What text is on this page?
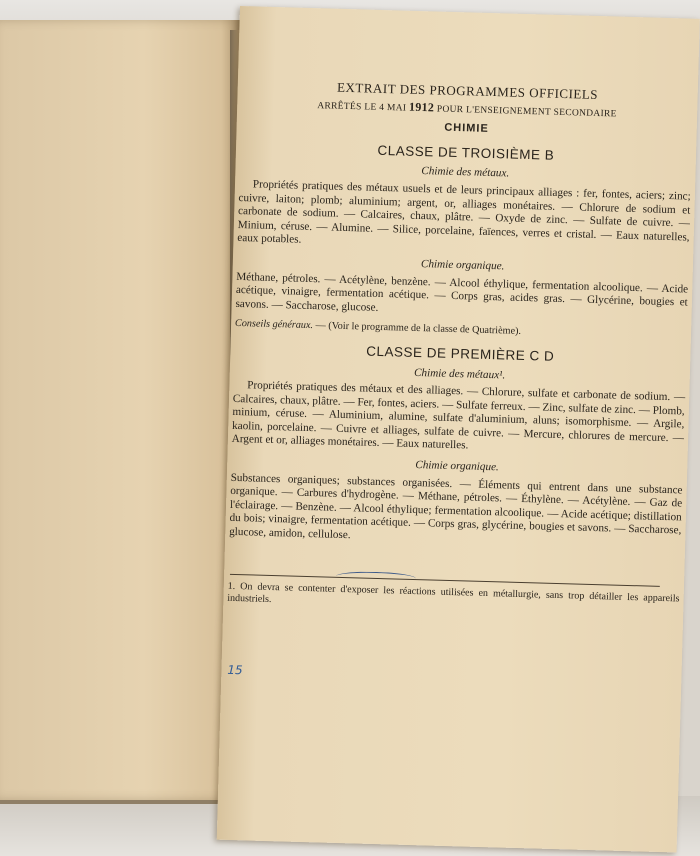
EXTRAIT DES PROGRAMMES OFFICIELS
ARRÊTÉS LE 4 MAI 1912 POUR L'ENSEIGNEMENT SECONDAIRE
CHIMIE
CLASSE DE TROISIÈME B
Chimie des métaux.

Propriétés pratiques des métaux usuels et de leurs principaux alliages : fer, fontes, aciers; zinc; cuivre, laiton; plomb; aluminium; argent, or, alliages monétaires. — Chlorure de sodium et carbonate de sodium. — Calcaires, chaux, plâtre. — Oxyde de zinc. — Sulfate de cuivre. — Minium, céruse. — Alumine. — Silice, porcelaine, faïences, verres et cristal. — Eaux naturelles, eaux potables.

Chimie organique.

Méthane, pétroles. — Acétylène, benzène. — Alcool éthylique, fermentation alcoolique. — Acide acétique, vinaigre, fermentation acétique. — Corps gras, acides gras. — Glycérine, bougies et savons. — Saccharose, glucose.

Conseils généraux. — (Voir le programme de la classe de Quatrième).
CLASSE DE PREMIÈRE C D
Chimie des métaux¹.

Propriétés pratiques des métaux et des alliages. — Chlorure, sulfate et carbonate de sodium. — Calcaires, chaux, plâtre. — Fer, fontes, aciers. — Sulfate ferreux. — Zinc, sulfate de zinc. — Plomb, minium, céruse. — Aluminium, alumine, sulfate d'aluminium, aluns; isomorphisme. — Argile, kaolin, porcelaine. — Cuivre et alliages, sulfate de cuivre. — Mercure, chlorures de mercure. — Argent et or, alliages monétaires. — Eaux naturelles.

Chimie organique.

Substances organiques; substances organisées. — Éléments qui entrent dans une substance organique. — Carbures d'hydrogène. — Méthane, pétroles. — Éthylène. — Acétylène. — Gaz de l'éclairage. — Benzène. — Alcool éthylique; fermentation alcoolique. — Acide acétique; distillation du bois; vinaigre, fermentation acétique. — Corps gras, glycérine, bougies et savons. — Saccharose, glucose, amidon, cellulose.

15
1. On devra se contenter d'exposer les réactions utilisées en métallurgie, sans trop détailler les appareils industriels.
